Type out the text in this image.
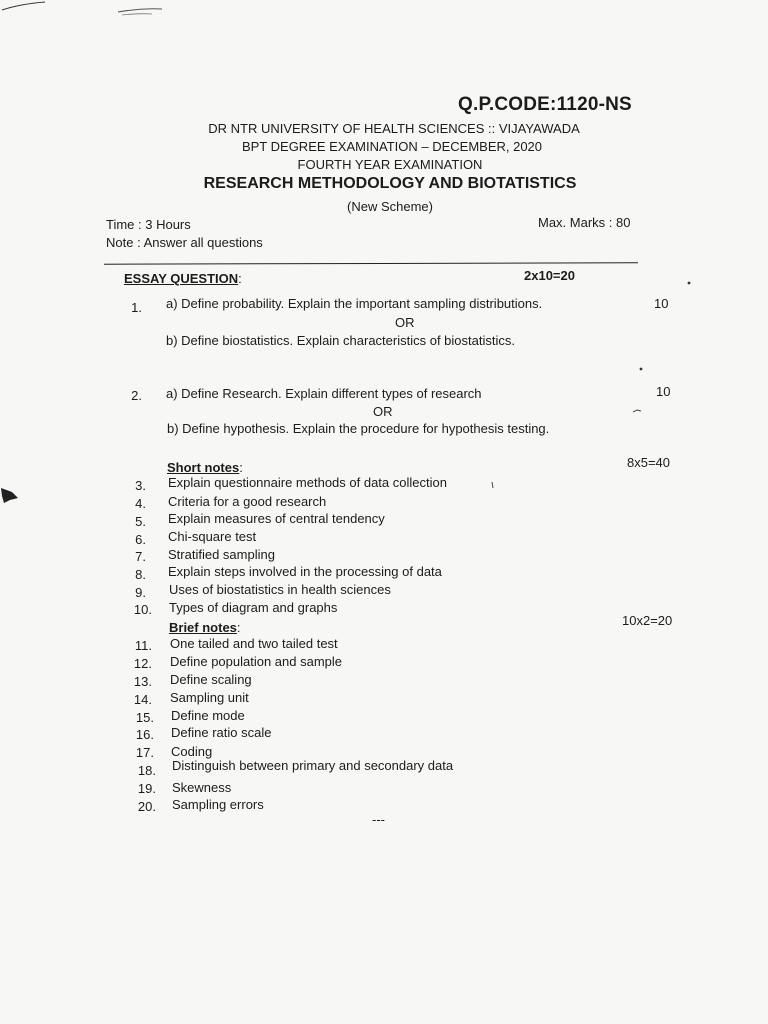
Q.P.CODE:1120-NS
DR NTR UNIVERSITY OF HEALTH SCIENCES :: VIJAYAWADA
BPT DEGREE EXAMINATION – DECEMBER, 2020
FOURTH YEAR EXAMINATION
RESEARCH METHODOLOGY AND BIOTATISTICS
(New Scheme)
Time : 3 Hours
Note : Answer all questions
Max. Marks : 80
ESSAY QUESTION:	2x10=20
1. a) Define probability. Explain the important sampling distributions.	10
OR
b) Define biostatistics. Explain characteristics of biostatistics.
2. a) Define Research. Explain different types of research	10
OR
b) Define hypothesis. Explain the procedure for hypothesis testing.
Short notes:	8x5=40
3. Explain questionnaire methods of data collection
4. Criteria for a good research
5. Explain measures of central tendency
6. Chi-square test
7. Stratified sampling
8. Explain steps involved in the processing of data
9. Uses of biostatistics in health sciences
10. Types of diagram and graphs
Brief notes:	10x2=20
11. One tailed and two tailed test
12. Define population and sample
13. Define scaling
14. Sampling unit
15. Define mode
16. Define ratio scale
17. Coding
18. Distinguish between primary and secondary data
19. Skewness
20. Sampling errors
---
